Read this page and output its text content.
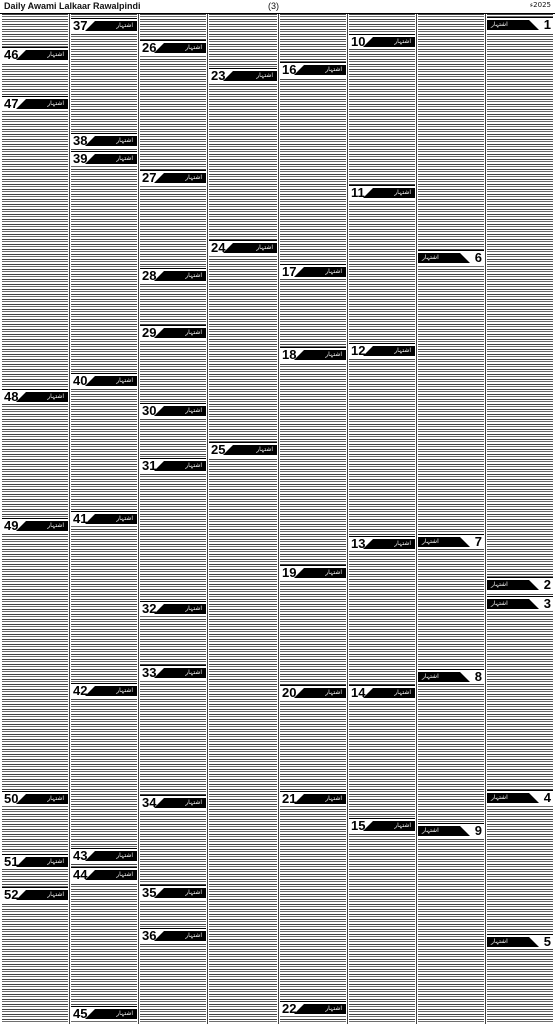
Daily Awami Lalkaar Rawalpindi	(3)	2025ء
1
اشتہار
2
اشتہار
3
اشتہار
4
اشتہار
5
اشتہار
6
اشتہار
7
اشتہار
8
اشتہار
9
اشتہار
10	اشتہار
11	اشتہار
12	اشتہار
13	اشتہار
14	اشتہار
15	اشتہار
16	اشتہار
17	اشتہار
18	اشتہار
19	اشتہار
20	اشتہار
21	اشتہار
22	اشتہار
23	اشتہار
24	اشتہار
25	اشتہار
26	اشتہار
27	اشتہار
28	اشتہار
29	اشتہار
30	اشتہار
31	اشتہار
32	اشتہار
33	اشتہار
34	اشتہار
35	اشتہار
36	اشتہار
37	اشتہار
38	اشتہار
39	اشتہار
40	اشتہار
41	اشتہار
42	اشتہار
43	اشتہار
44	اشتہار
45	اشتہار
46	اشتہار
47	اشتہار
48	اشتہار
49	اشتہار
50	اشتہار
51	اشتہار
52	اشتہار
